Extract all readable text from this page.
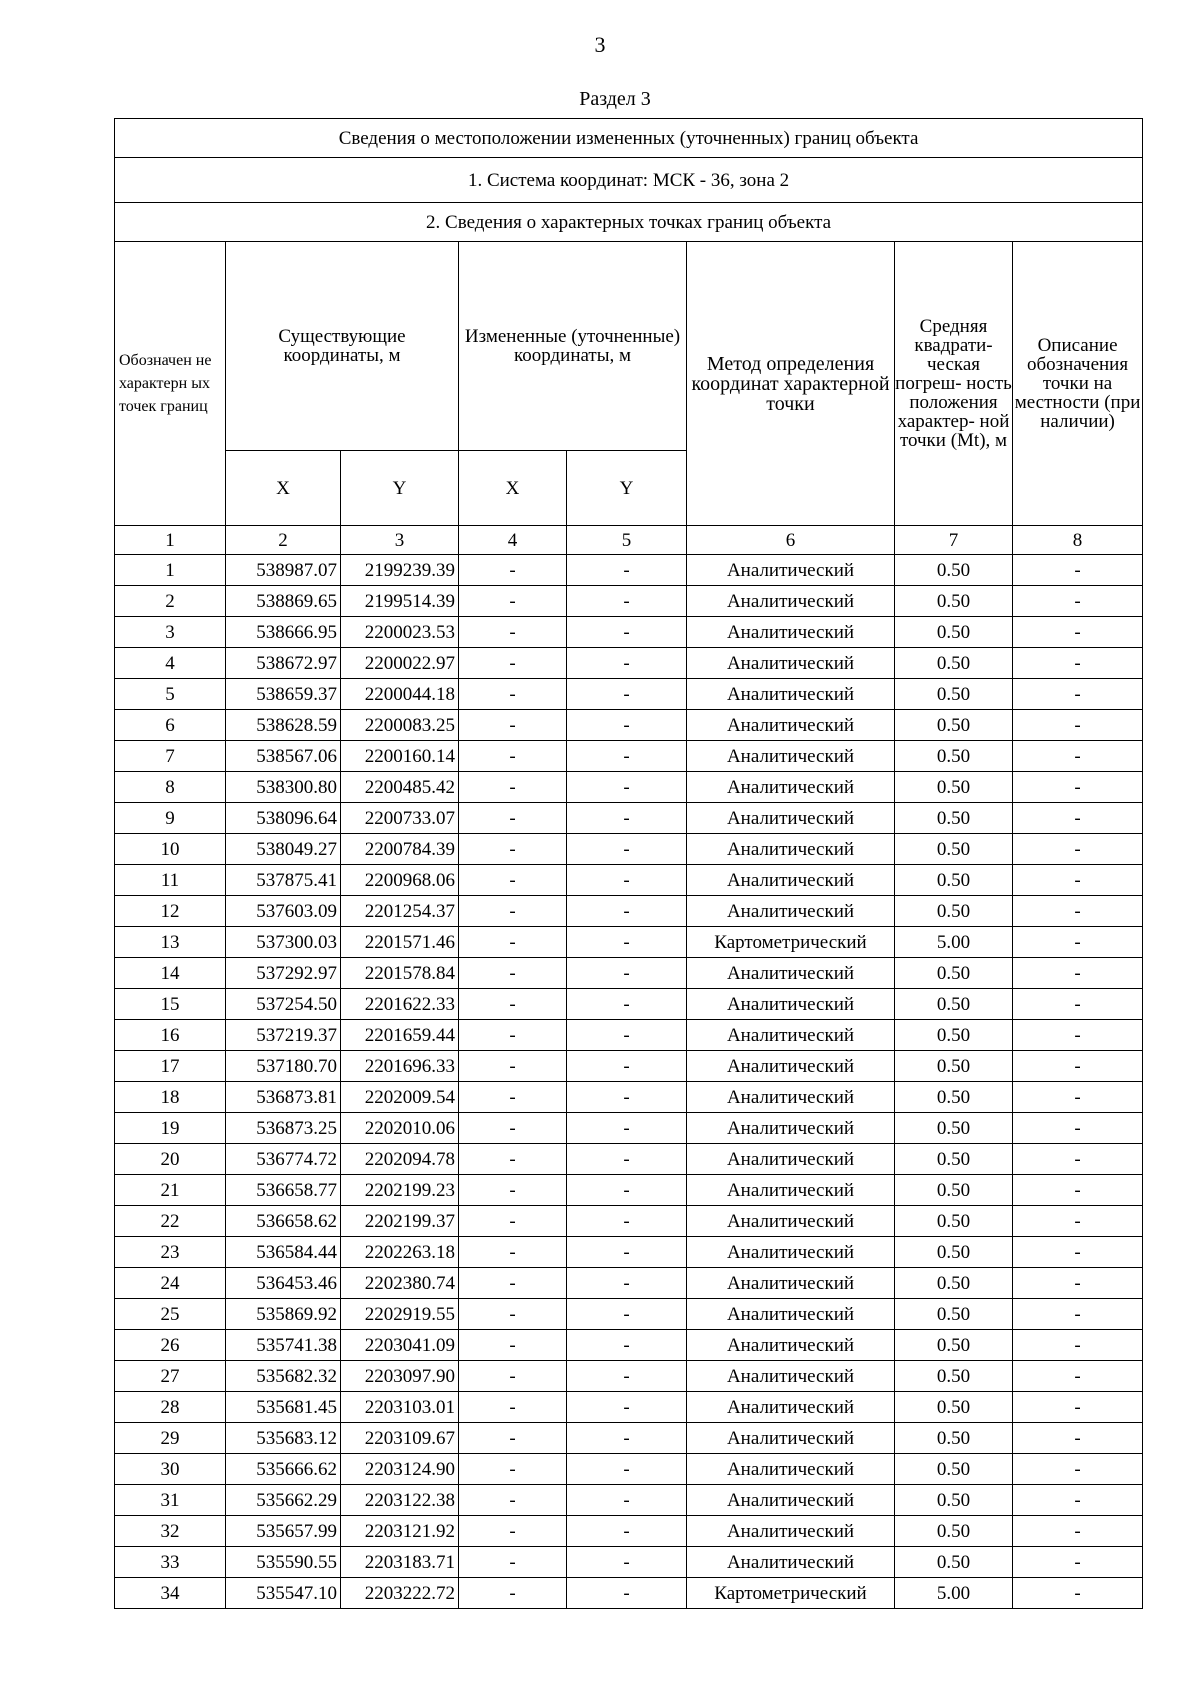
3
Раздел 3
Сведения о местоположении измененных (уточненных) границ объекта							
1. Система координат: МСК - 36, зона 2							
2. Сведения о характерных точках границ объекта							
Обозначен не характерн ых точек границ	Существующие координаты, м		Измененные (уточненные) координаты, м		Метод определения координат характерной точки	Средняя квадрати- ческая погреш- ность положения характер- ной точки (Mt), м	Описание обозначения точки на местности (при наличии)
	X	Y	X	Y			
1	2	3	4	5	6	7	8
1	538987.07	2199239.39	-	-	Аналитический	0.50	-
2	538869.65	2199514.39	-	-	Аналитический	0.50	-
3	538666.95	2200023.53	-	-	Аналитический	0.50	-
4	538672.97	2200022.97	-	-	Аналитический	0.50	-
5	538659.37	2200044.18	-	-	Аналитический	0.50	-
6	538628.59	2200083.25	-	-	Аналитический	0.50	-
7	538567.06	2200160.14	-	-	Аналитический	0.50	-
8	538300.80	2200485.42	-	-	Аналитический	0.50	-
9	538096.64	2200733.07	-	-	Аналитический	0.50	-
10	538049.27	2200784.39	-	-	Аналитический	0.50	-
11	537875.41	2200968.06	-	-	Аналитический	0.50	-
12	537603.09	2201254.37	-	-	Аналитический	0.50	-
13	537300.03	2201571.46	-	-	Картометрический	5.00	-
14	537292.97	2201578.84	-	-	Аналитический	0.50	-
15	537254.50	2201622.33	-	-	Аналитический	0.50	-
16	537219.37	2201659.44	-	-	Аналитический	0.50	-
17	537180.70	2201696.33	-	-	Аналитический	0.50	-
18	536873.81	2202009.54	-	-	Аналитический	0.50	-
19	536873.25	2202010.06	-	-	Аналитический	0.50	-
20	536774.72	2202094.78	-	-	Аналитический	0.50	-
21	536658.77	2202199.23	-	-	Аналитический	0.50	-
22	536658.62	2202199.37	-	-	Аналитический	0.50	-
23	536584.44	2202263.18	-	-	Аналитический	0.50	-
24	536453.46	2202380.74	-	-	Аналитический	0.50	-
25	535869.92	2202919.55	-	-	Аналитический	0.50	-
26	535741.38	2203041.09	-	-	Аналитический	0.50	-
27	535682.32	2203097.90	-	-	Аналитический	0.50	-
28	535681.45	2203103.01	-	-	Аналитический	0.50	-
29	535683.12	2203109.67	-	-	Аналитический	0.50	-
30	535666.62	2203124.90	-	-	Аналитический	0.50	-
31	535662.29	2203122.38	-	-	Аналитический	0.50	-
32	535657.99	2203121.92	-	-	Аналитический	0.50	-
33	535590.55	2203183.71	-	-	Аналитический	0.50	-
34	535547.10	2203222.72	-	-	Картометрический	5.00	-
